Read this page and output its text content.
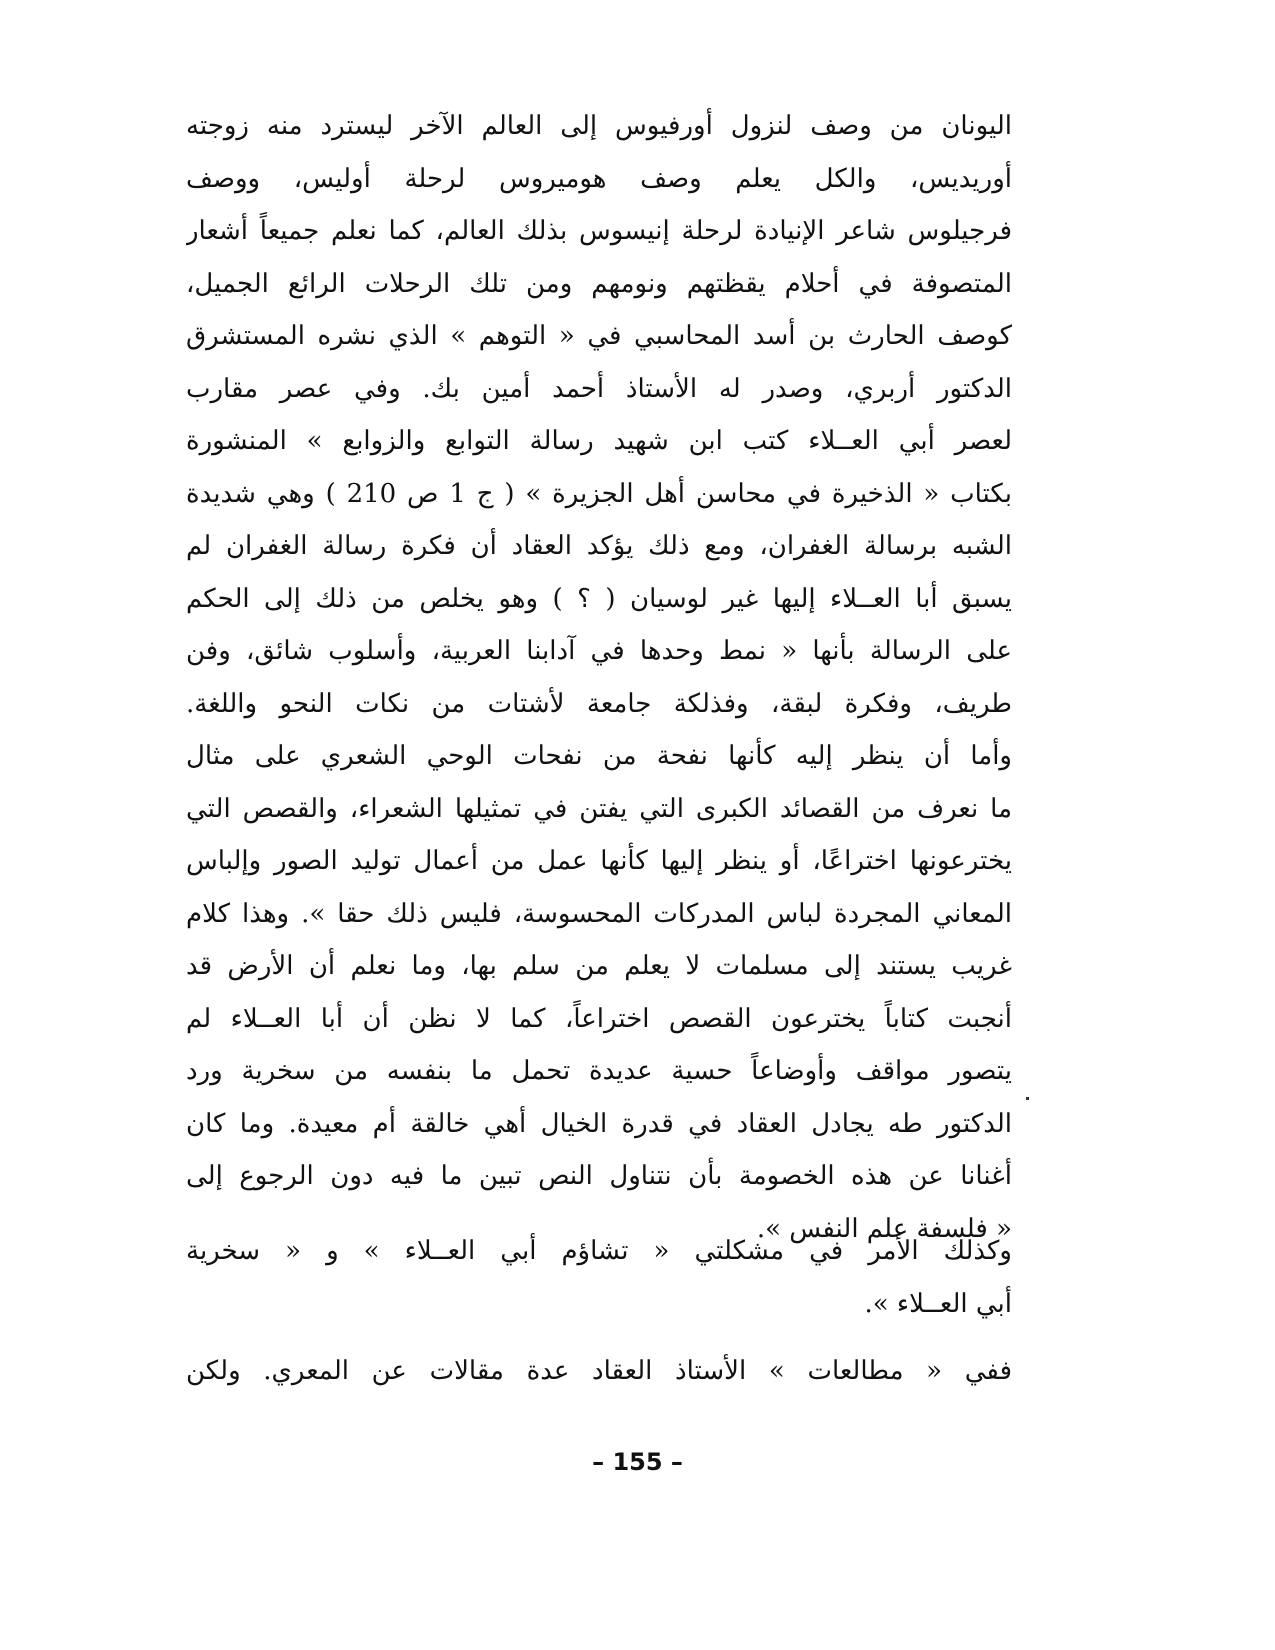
اليونان من وصف لنزول أورفيوس إلى العالم الآخر ليسترد منه زوجته
أوريديس، والكل يعلم وصف هوميروس لرحلة أوليس، ووصف
فرجيلوس شاعر الإنيادة لرحلة إنيسوس بذلك العالم، كما نعلم جميعاً أشعار
المتصوفة في أحلام يقظتهم ونومهم ومن تلك الرحلات الرائع الجميل،
كوصف الحارث بن أسد المحاسبي في « التوهم » الذي نشره المستشرق
الدكتور أربري، وصدر له الأستاذ أحمد أمين بك. وفي عصر مقارب
لعصر أبي العــلاء كتب ابن شهيد رسالة التوابع والزوابع » المنشورة
بكتاب « الذخيرة في محاسن أهل الجزيرة » ( ج 1 ص 210 ) وهي شديدة
الشبه برسالة الغفران، ومع ذلك يؤكد العقاد أن فكرة رسالة الغفران لم
يسبق أبا العــلاء إليها غير لوسيان ( ؟ ) وهو يخلص من ذلك إلى الحكم
على الرسالة بأنها « نمط وحدها في آدابنا العربية، وأسلوب شائق، وفن
طريف، وفكرة لبقة، وفذلكة جامعة لأشتات من نكات النحو واللغة.
وأما أن ينظر إليه كأنها نفحة من نفحات الوحي الشعري على مثال
ما نعرف من القصائد الكبرى التي يفتن في تمثيلها الشعراء، والقصص التي
يخترعونها اختراعًا، أو ينظر إليها كأنها عمل من أعمال توليد الصور وإلباس
المعاني المجردة لباس المدركات المحسوسة، فليس ذلك حقا ». وهذا كلام
غريب يستند إلى مسلمات لا يعلم من سلم بها، وما نعلم أن الأرض قد
أنجبت كتاباً يخترعون القصص اختراعاً، كما لا نظن أن أبا العــلاء لم
يتصور مواقف وأوضاعاً حسية عديدة تحمل ما بنفسه من سخرية ورد
الدكتور طه يجادل العقاد في قدرة الخيال أهي خالقة أم معيدة. وما كان
أغنانا عن هذه الخصومة بأن نتناول النص تبين ما فيه دون الرجوع إلى
« فلسفة علم النفس ».
وكذلك الأمر في مشكلتي « تشاؤم أبي العــلاء » و « سخرية
أبي العــلاء ».
ففي « مطالعات » الأستاذ العقاد عدة مقالات عن المعري. ولكن
– 155 –
